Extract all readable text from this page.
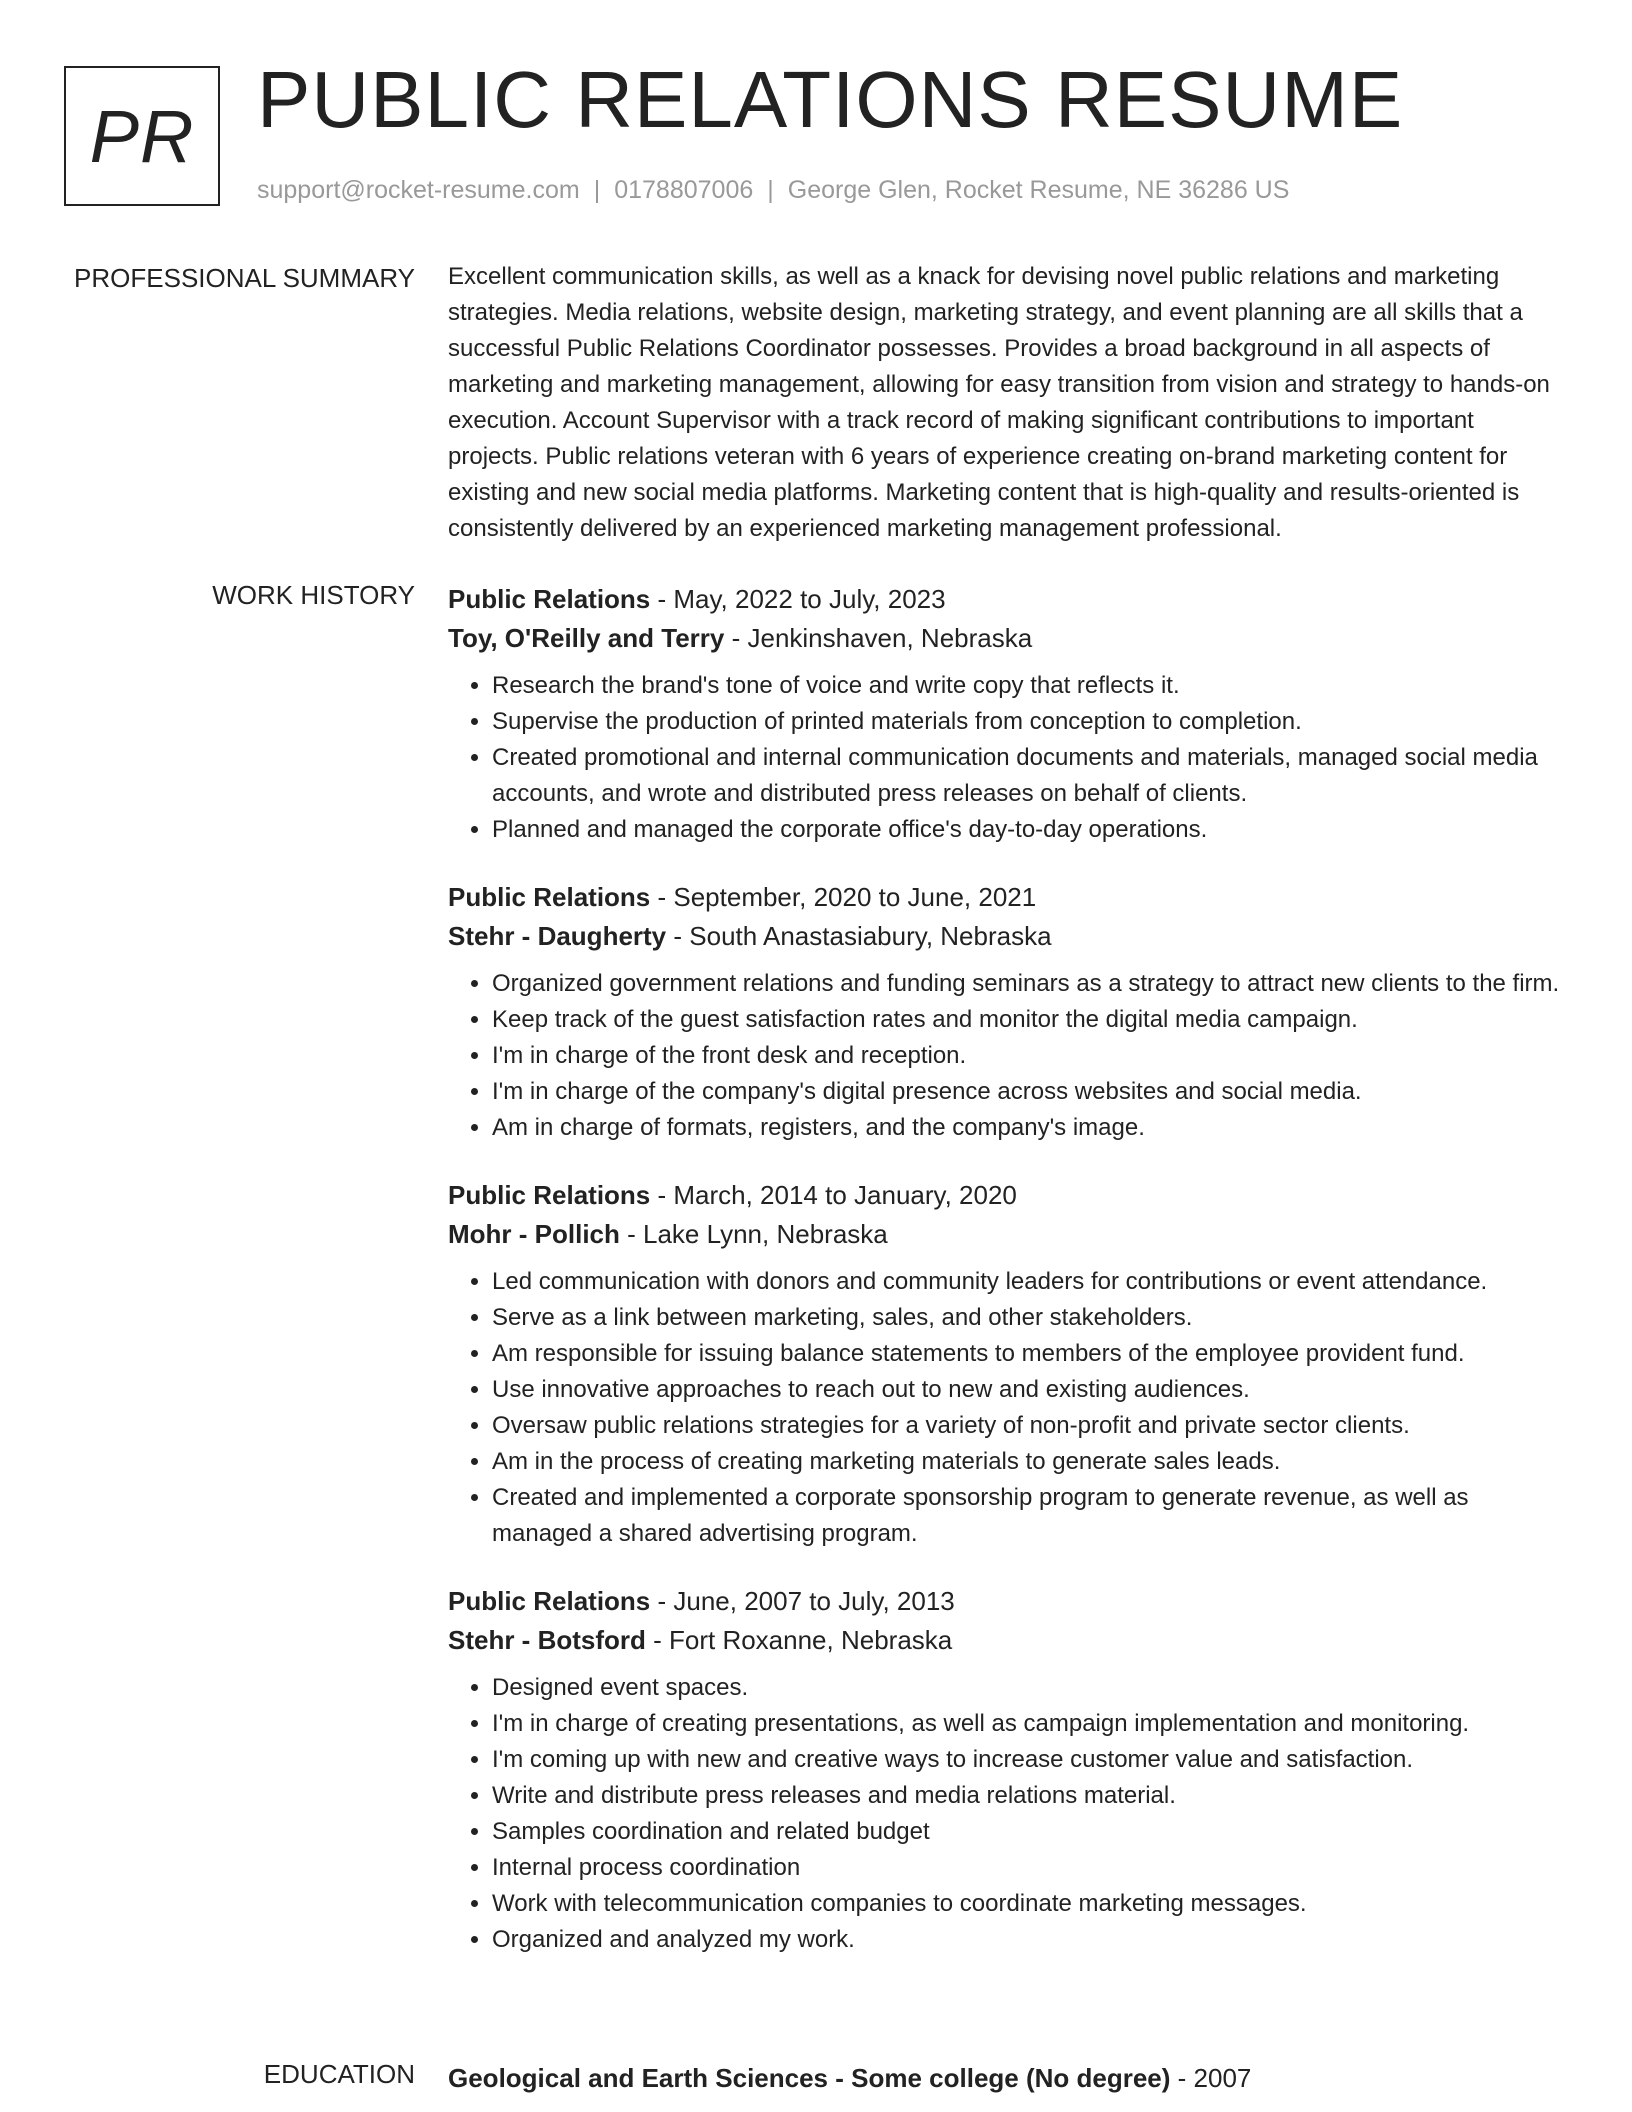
PR PUBLIC RELATIONS RESUME
support@rocket-resume.com | 0178807006 | George Glen, Rocket Resume, NE 36286 US
PROFESSIONAL SUMMARY Excellent communication skills, as well as a knack for devising novel public relations and marketing strategies. Media relations, website design, marketing strategy, and event planning are all skills that a successful Public Relations Coordinator possesses. Provides a broad background in all aspects of marketing and marketing management, allowing for easy transition from vision and strategy to hands-on execution. Account Supervisor with a track record of making significant contributions to important projects. Public relations veteran with 6 years of experience creating on-brand marketing content for existing and new social media platforms. Marketing content that is high-quality and results-oriented is consistently delivered by an experienced marketing management professional.

WORK HISTORY Public Relations - May, 2022 to July, 2023
Toy, O'Reilly and Terry - Jenkinshaven, Nebraska
• Research the brand's tone of voice and write copy that reflects it.
• Supervise the production of printed materials from conception to completion.
• Created promotional and internal communication documents and materials, managed social media accounts, and wrote and distributed press releases on behalf of clients.
• Planned and managed the corporate office's day-to-day operations.
Public Relations - September, 2020 to June, 2021
Stehr - Daugherty - South Anastasiabury, Nebraska
• Organized government relations and funding seminars as a strategy to attract new clients to the firm.
• Keep track of the guest satisfaction rates and monitor the digital media campaign.
• I'm in charge of the front desk and reception.
• I'm in charge of the company's digital presence across websites and social media.
• Am in charge of formats, registers, and the company's image.
Public Relations - March, 2014 to January, 2020
Mohr - Pollich - Lake Lynn, Nebraska
• Led communication with donors and community leaders for contributions or event attendance.
• Serve as a link between marketing, sales, and other stakeholders.
• Am responsible for issuing balance statements to members of the employee provident fund.
• Use innovative approaches to reach out to new and existing audiences.
• Oversaw public relations strategies for a variety of non-profit and private sector clients.
• Am in the process of creating marketing materials to generate sales leads.
• Created and implemented a corporate sponsorship program to generate revenue, as well as managed a shared advertising program.
Public Relations - June, 2007 to July, 2013
Stehr - Botsford - Fort Roxanne, Nebraska
• Designed event spaces.
• I'm in charge of creating presentations, as well as campaign implementation and monitoring.
• I'm coming up with new and creative ways to increase customer value and satisfaction.
• Write and distribute press releases and media relations material.
• Samples coordination and related budget
• Internal process coordination
• Work with telecommunication companies to coordinate marketing messages.
• Organized and analyzed my work.
EDUCATION Geological and Earth Sciences - Some college (No degree) - 2007
